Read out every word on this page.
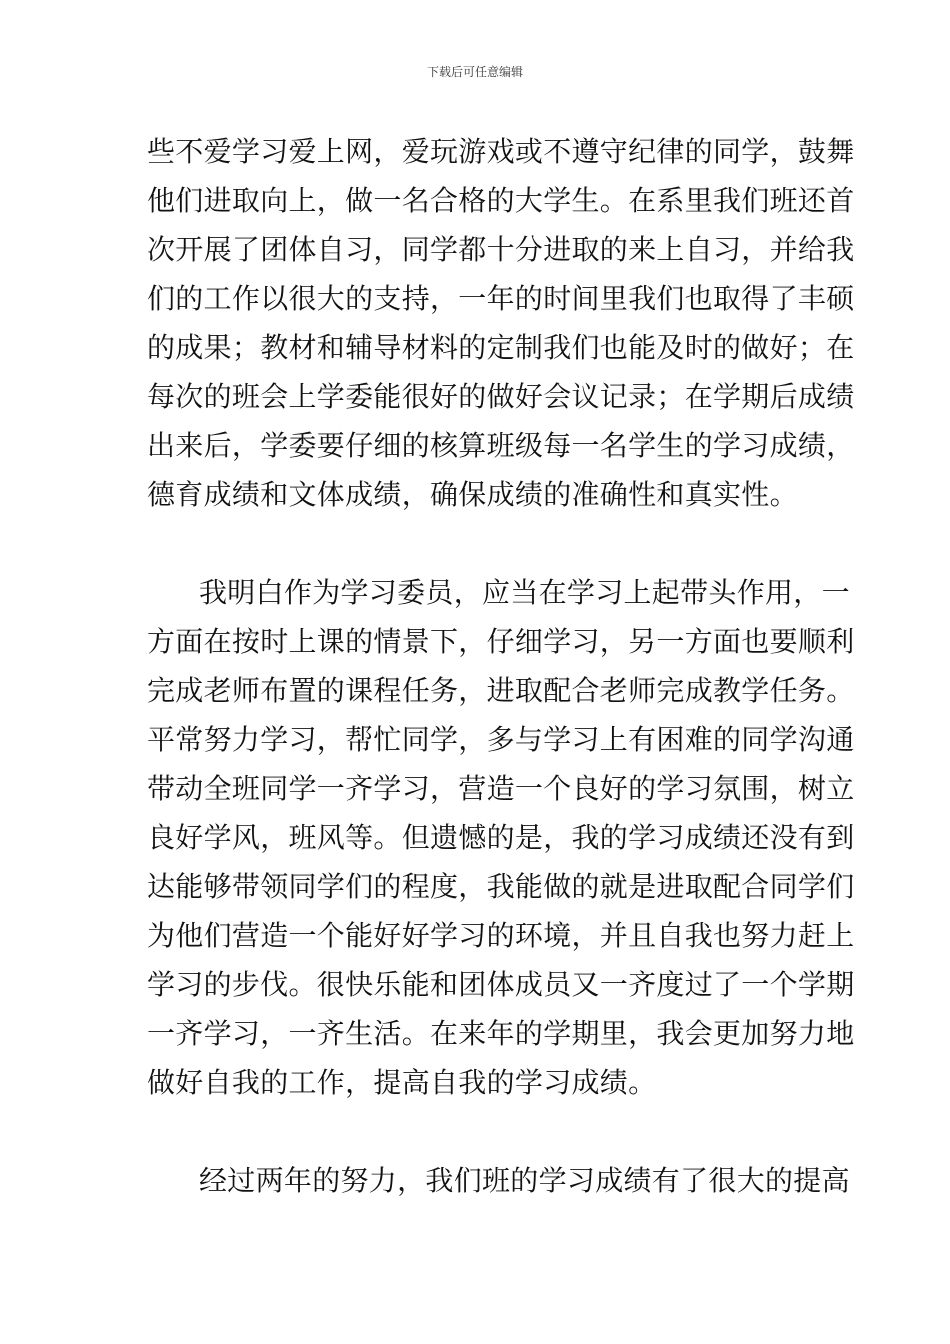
下载后可任意编辑
些不爱学习爱上网，爱玩游戏或不遵守纪律的同学，鼓舞
他们进取向上，做一名合格的大学生。在系里我们班还首
次开展了团体自习，同学都十分进取的来上自习，并给我
们的工作以很大的支持，一年的时间里我们也取得了丰硕
的成果；教材和辅导材料的定制我们也能及时的做好；在
每次的班会上学委能很好的做好会议记录；在学期后成绩
出来后，学委要仔细的核算班级每一名学生的学习成绩，
德育成绩和文体成绩，确保成绩的准确性和真实性。
我明白作为学习委员，应当在学习上起带头作用，一
方面在按时上课的情景下，仔细学习，另一方面也要顺利
完成老师布置的课程任务，进取配合老师完成教学任务。
平常努力学习，帮忙同学，多与学习上有困难的同学沟通
带动全班同学一齐学习，营造一个良好的学习氛围，树立
良好学风，班风等。但遗憾的是，我的学习成绩还没有到
达能够带领同学们的程度，我能做的就是进取配合同学们
为他们营造一个能好好学习的环境，并且自我也努力赶上
学习的步伐。很快乐能和团体成员又一齐度过了一个学期
一齐学习，一齐生活。在来年的学期里，我会更加努力地
做好自我的工作，提高自我的学习成绩。
经过两年的努力，我们班的学习成绩有了很大的提高
